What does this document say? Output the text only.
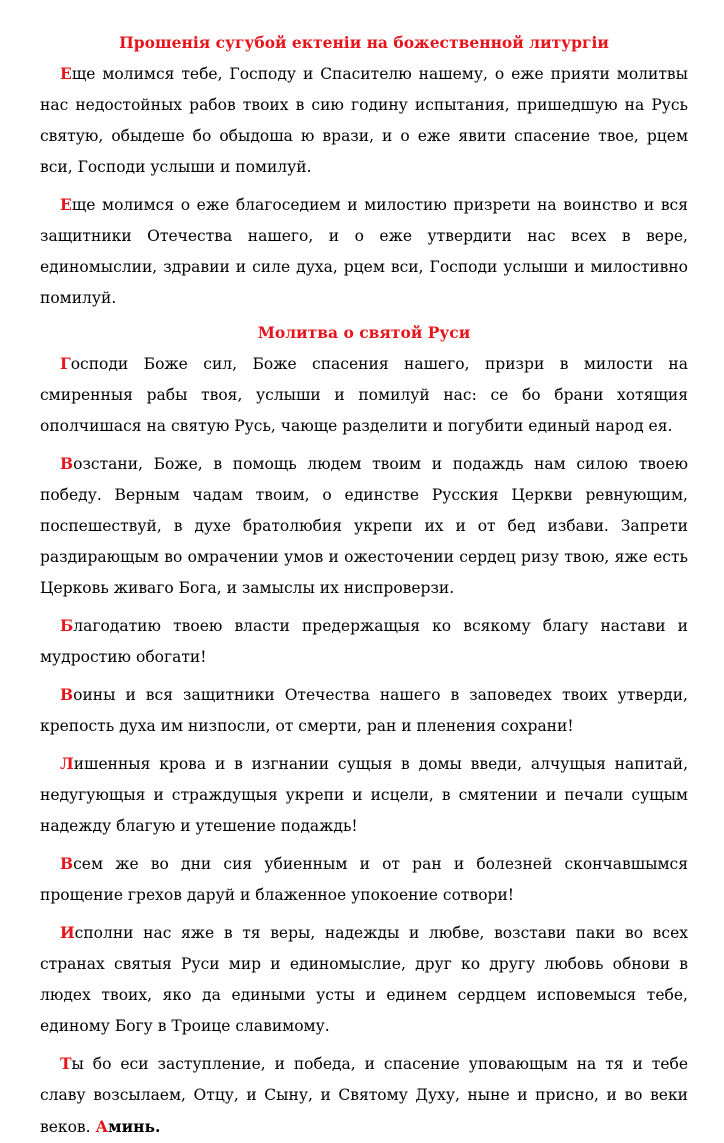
Прошенія сугубой ектеніи на божественной литургіи

Еще молимся тебе, Господу и Спасителю нашему, о еже прияти молитвы нас недостойных рабов твоих в сию годину испытания, пришедшую на Русь святую, обыдеше бо обыдоша ю врази, и о еже явити спасение твое, рцем вси, Господи услыши и помилуй.

Еще молимся о еже благоседием и милостию призрети на воинство и вся защитники Отечества нашего, и о еже утвердити нас всех в вере, единомыслии, здравии и силе духа, рцем вси, Господи услыши и милостивно помилуй.

Молитва о святой Руси

Господи Боже сил, Боже спасения нашего, призри в милости на смиренныя рабы твоя, услыши и помилуй нас: се бо брани хотящия ополчишася на святую Русь, чающе разделити и погубити единый народ ея.

Возстани, Боже, в помощь людем твоим и подаждь нам силою твоею победу. Верным чадам твоим, о единстве Русския Церкви ревнующим, поспешествуй, в духе братолюбия укрепи их и от бед избави. Запрети раздирающым во омрачении умов и ожесточении сердец ризу твою, яже есть Церковь живаго Бога, и замыслы их ниспроверзи.

Благодатию твоею власти предержащыя ко всякому благу настави и мудростию обогати!

Воины и вся защитники Отечества нашего в заповедех твоих утверди, крепость духа им низпосли, от смерти, ран и пленения сохрани!

Лишенныя крова и в изгнании сущыя в домы введи, алчущыя напитай, недугующыя и страждущыя укрепи и исцели, в смятении и печали сущым надежду благую и утешение подаждь!

Всем же во дни сия убиенным и от ран и болезней скончавшымся прощение грехов даруй и блаженное упокоение сотвори!

Исполни нас яже в тя веры, надежды и любве, возстави паки во всех странах святыя Руси мир и единомыслие, друг ко другу любовь обнови в людех твоих, яко да едиными усты и единем сердцем исповемыся тебе, единому Богу в Троице славимому.

Ты бо еси заступление, и победа, и спасение уповающым на тя и тебе славу возсылаем, Отцу, и Сыну, и Святому Духу, ныне и присно, и во веки веков. Аминь.
